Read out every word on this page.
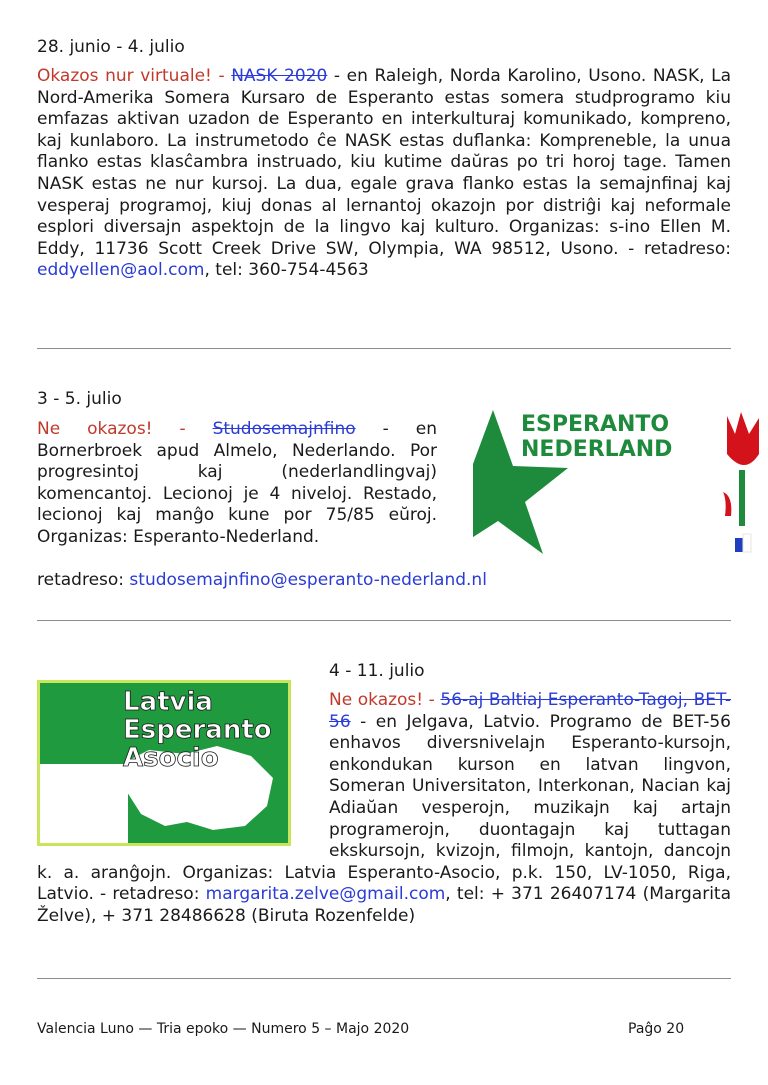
28. junio - 4. julio

Okazos nur virtuale! - NASK 2020 - en Raleigh, Norda Karolino, Usono. NASK, La Nord-Amerika Somera Kursaro de Esperanto estas somera studprogramo kiu emfazas aktivan uzadon de Esperanto en interkulturaj komunikado, kompreno, kaj kunlaboro. La instrumetodo ĉe NASK estas duflanka: Kompreneble, la unua flanko estas klasĉambra instruado, kiu kutime daŭras po tri horoj tage. Tamen NASK estas ne nur kursoj. La dua, egale grava flanko estas la semajnfinaj kaj vesperaj programoj, kiuj donas al lernantoj okazojn por distriĝi kaj neformale esplori diversajn aspektojn de la lingvo kaj kulturo. Organizas: s-ino Ellen M. Eddy, 11736 Scott Creek Drive SW, Olympia, WA 98512, Usono. - retadreso: eddyellen@aol.com, tel: 360-754-4563

3 - 5. julio

Ne okazos! - Studosemajnfino - en Bornerbroek apud Almelo, Nederlando. Por progresintoj kaj (nederlandlingvaj) komencantoj. Lecionoj je 4 niveloj. Restado, lecionoj kaj manĝo kune por 75/85 eŭroj. Organizas: Esperanto-Nederland.

retadreso: studosemajnfino@esperanto-nederland.nl
ESPERANTO
NEDERLAND
Latvia
Esperanto
Asocio
4 - 11. julio

Ne okazos! - 56-aj Baltiaj Esperanto-Tagoj, BET-56 - en Jelgava, Latvio. Programo de BET-56 enhavos diversnivelajn Esperanto-kursojn, enkondukan kurson en latvan lingvon, Someran Universitaton, Interkonan, Nacian kaj Adiaŭan vesperojn, muzikajn kaj artajn programerojn, duontagajn kaj tuttagan ekskursojn, kvizojn, filmojn, kantojn, dancojn k. a. aranĝojn. Organizas: Latvia Esperanto-Asocio, p.k. 150, LV-1050, Riga, Latvio. - retadreso: margarita.zelve@gmail.com, tel: + 371 26407174 (Margarita Želve), + 371 28486628 (Biruta Rozenfelde)

Valencia Luno — Tria epoko — Numero 5 – Majo 2020	Paĝo 20
